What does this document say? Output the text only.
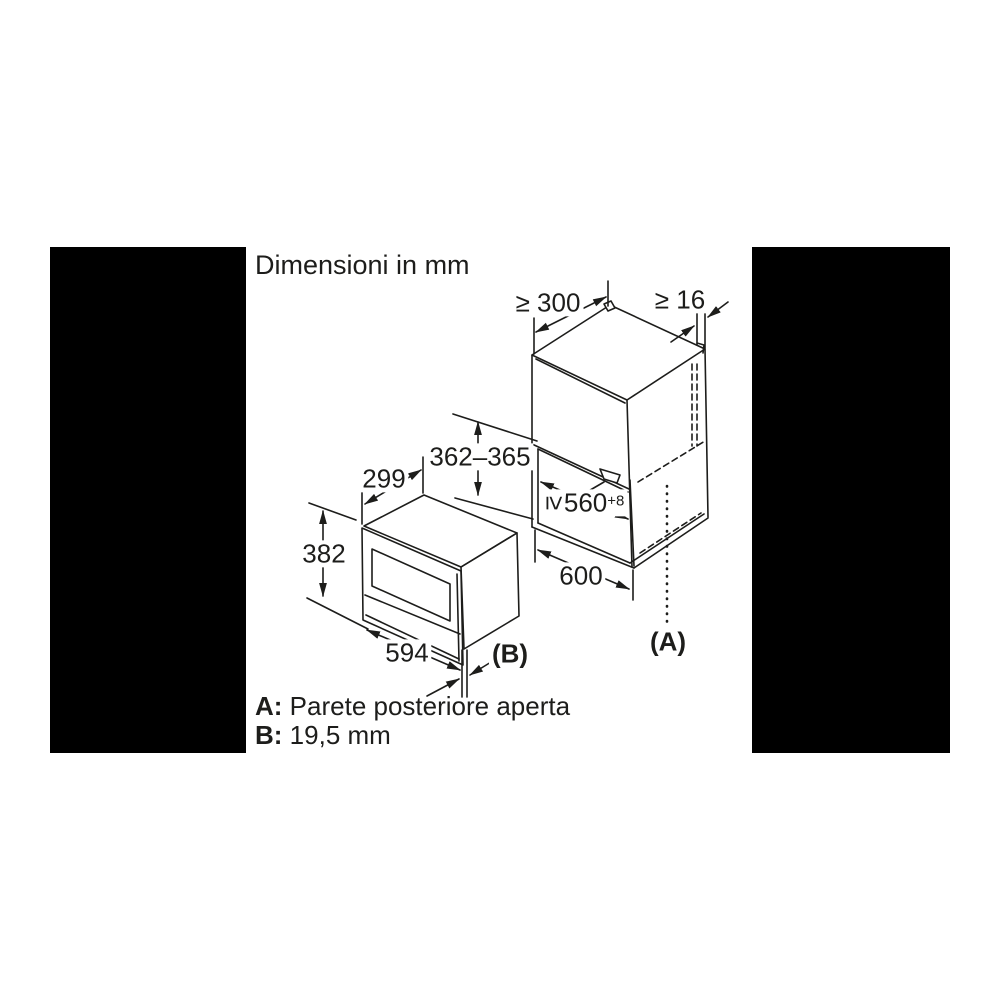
Dimensioni in mm
≥ 300	≥ 16
362–365
299
$\ge 560^{+8}$
600
382
594 (B)	(A)
A: Parete posteriore aperta
B: 19,5 mm
